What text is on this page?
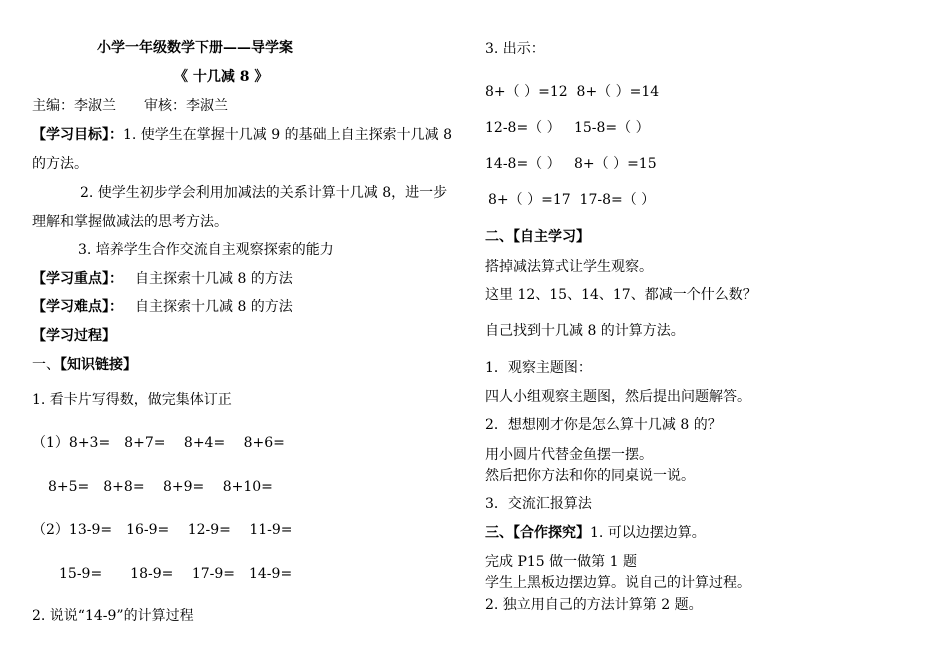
小学一年级数学下册——导学案
《 十几减 8 》
主编：李淑兰　　审核：李淑兰
【学习目标】：1. 使学生在掌握十几减 9 的基础上自主探索十几减 8
的方法。
2. 使学生初步学会利用加减法的关系计算十几减 8，进一步
理解和掌握做减法的思考方法。
3. 培养学生合作交流自主观察探索的能力
【学习重点】： 自主探索十几减 8 的方法
【学习难点】： 自主探索十几减 8 的方法
【学习过程】
一、【知识链接】
1. 看卡片写得数，做完集体订正
（1）8+3=　8+7=　 8+4=　 8+6=
8+5=　8+8=　 8+9=　 8+10=
（2）13-9=　16-9=　 12-9=　 11-9=
15-9=　　18-9=　 17-9=　14-9=
2. 说说“14-9”的计算过程
3. 出示：
8+（ ）=12  8+（ ）=14
12-8=（ ）   15-8=（ ）
14-8=（ ）   8+（ ）=15
8+（ ）=17  17-8=（ ）
二、【自主学习】
搭掉减法算式让学生观察。
这里 12、15、14、17、都减一个什么数？
自己找到十几减 8 的计算方法。
1．观察主题图：
四人小组观察主题图，然后提出问题解答。
2．想想刚才你是怎么算十几减 8 的？
用小圆片代替金鱼摆一摆。
然后把你方法和你的同桌说一说。
3．交流汇报算法
三、【合作探究】1. 可以边摆边算。
完成 P15 做一做第 1 题
学生上黑板边摆边算。说自己的计算过程。
2. 独立用自己的方法计算第 2 题。
